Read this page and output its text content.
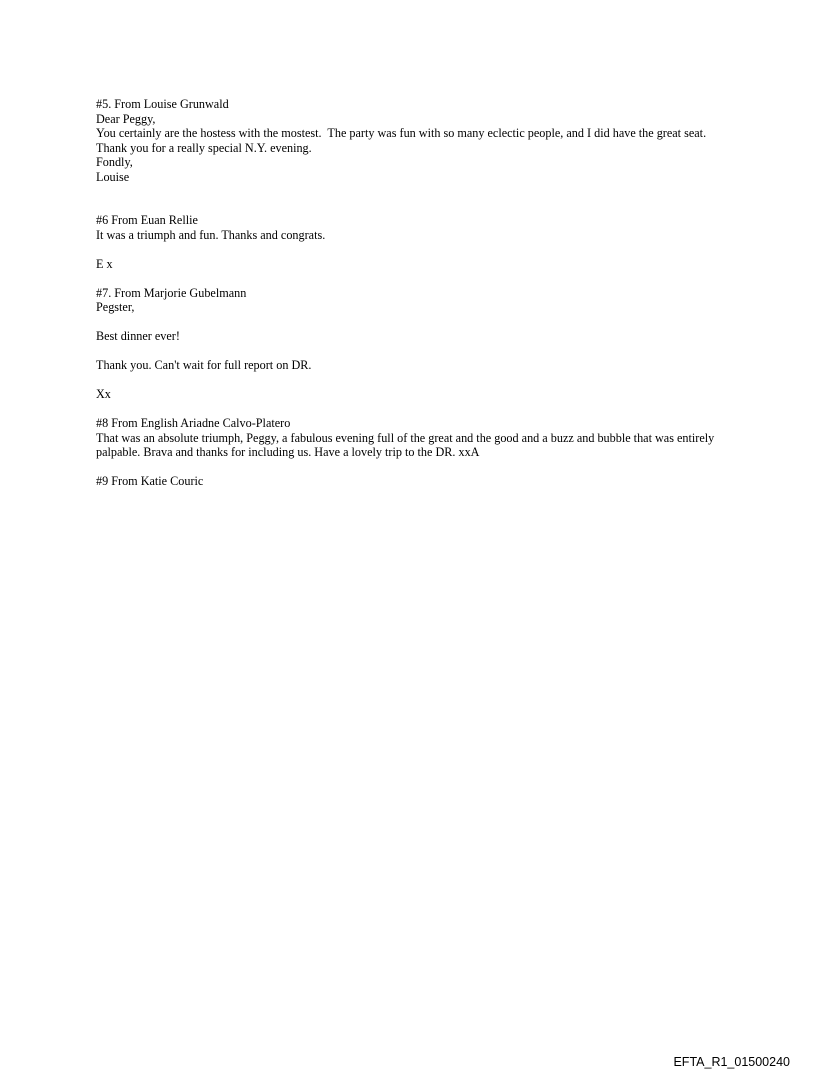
#5. From Louise Grunwald
Dear Peggy,
You certainly are the hostess with the mostest.  The party was fun with so many eclectic people, and I did have the great seat.  Thank you for a really special N.Y. evening.
Fondly,
Louise
#6 From Euan Rellie
It was a triumph and fun. Thanks and congrats.
E x
#7. From Marjorie Gubelmann
Pegster,
Best dinner ever!
Thank you. Can't wait for full report on DR.
Xx
#8 From English Ariadne Calvo-Platero
That was an absolute triumph, Peggy, a fabulous evening full of the great and the good and a buzz and bubble that was entirely palpable. Brava and thanks for including us. Have a lovely trip to the DR. xxA
#9 From Katie Couric
EFTA_R1_01500240
